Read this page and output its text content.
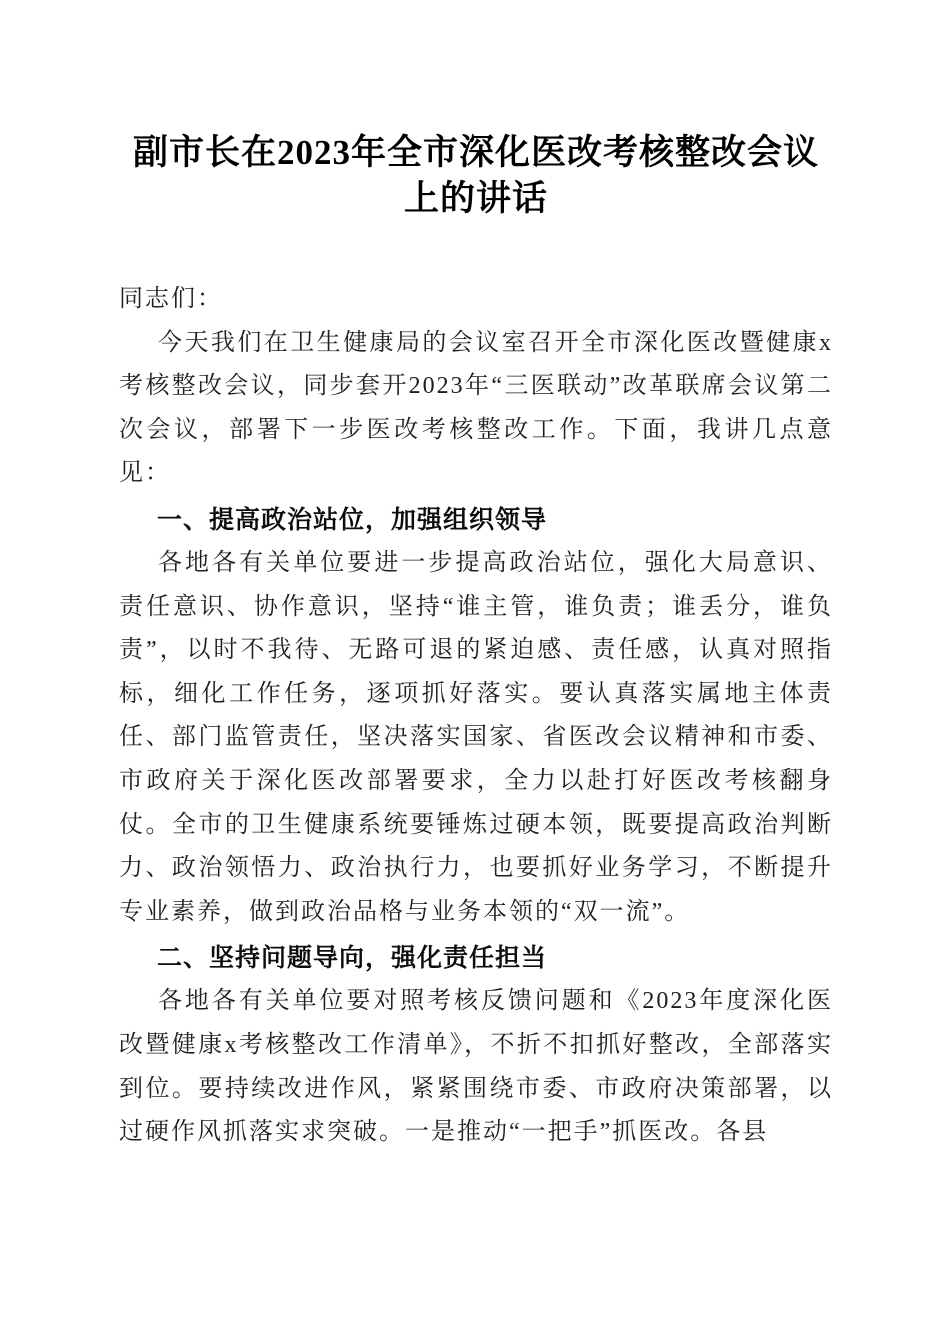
副市长在2023年全市深化医改考核整改会议上的讲话

同志们：

今天我们在卫生健康局的会议室召开全市深化医改暨健康x考核整改会议，同步套开2023年“三医联动”改革联席会议第二次会议，部署下一步医改考核整改工作。下面，我讲几点意见：

一、提高政治站位，加强组织领导

各地各有关单位要进一步提高政治站位，强化大局意识、责任意识、协作意识，坚持“谁主管，谁负责；谁丢分，谁负责”，以时不我待、无路可退的紧迫感、责任感，认真对照指标，细化工作任务，逐项抓好落实。要认真落实属地主体责任、部门监管责任，坚决落实国家、省医改会议精神和市委、市政府关于深化医改部署要求，全力以赴打好医改考核翻身仗。全市的卫生健康系统要锤炼过硬本领，既要提高政治判断力、政治领悟力、政治执行力，也要抓好业务学习，不断提升专业素养，做到政治品格与业务本领的“双一流”。

二、坚持问题导向，强化责任担当

各地各有关单位要对照考核反馈问题和《2023年度深化医改暨健康x考核整改工作清单》，不折不扣抓好整改，全部落实到位。要持续改进作风，紧紧围绕市委、市政府决策部署，以过硬作风抓落实求突破。一是推动“一把手”抓医改。各县
